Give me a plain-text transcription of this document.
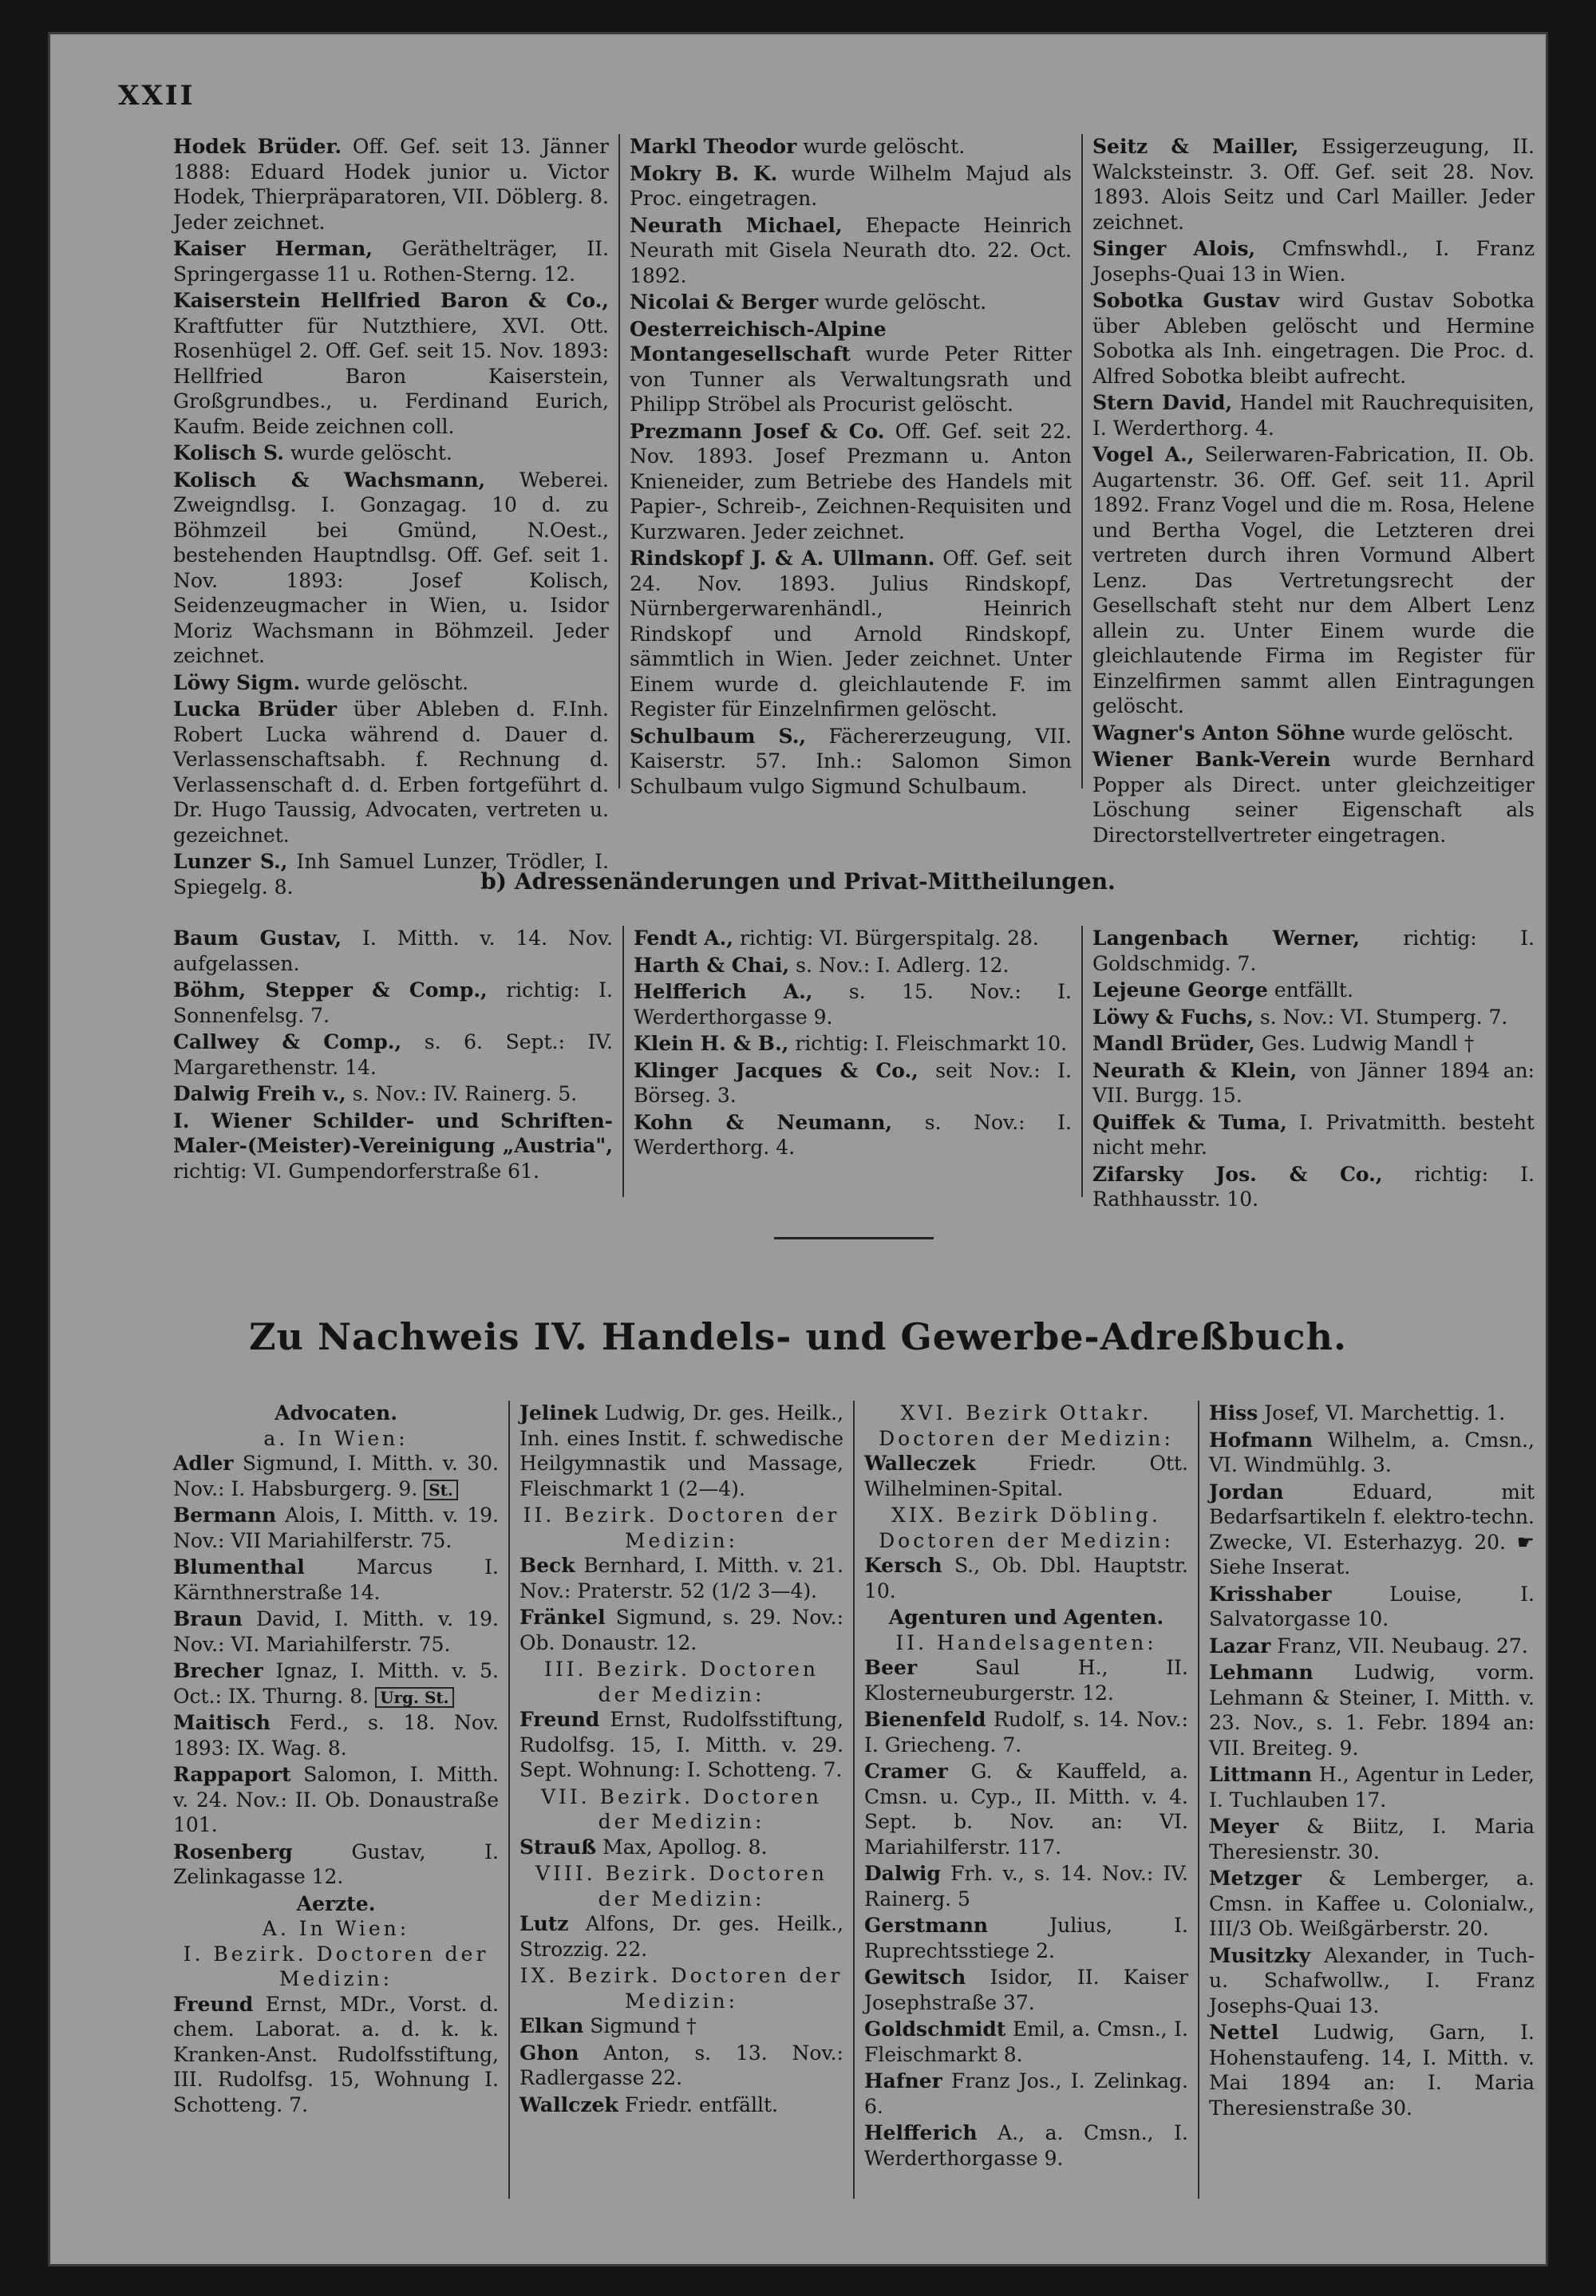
XXII
Hodek Brüder. Off. Gef. seit 13. Jänner 1888: Eduard Hodek junior u. Victor Hodek, Thierpräparatoren, VII. Döblerg. 8. Jeder zeichnet.
Kaiser Herman, Geräthelträger, II. Springergasse 11 u. Rothen-Sterng. 12.
Kaiserstein Hellfried Baron & Co., Kraftfutter für Nutzthiere, XVI. Ott. Rosenhügel 2. Off. Gef. seit 15. Nov. 1893: Hellfried Baron Kaiserstein, Großgrundbes., u. Ferdinand Eurich, Kaufm. Beide zeichnen coll.
Kolisch S. wurde gelöscht.
Kolisch & Wachsmann, Weberei. Zweigndlsg. I. Gonzagag. 10 d. zu Böhmzeil bei Gmünd, N.Oest., bestehenden Hauptndlsg. Off. Gef. seit 1. Nov. 1893: Josef Kolisch, Seidenzeugmacher in Wien, u. Isidor Moriz Wachsmann in Böhmzeil. Jeder zeichnet.
Löwy Sigm. wurde gelöscht.
Lucka Brüder über Ableben d. F.Inh. Robert Lucka während d. Dauer d. Verlassenschaftsabh. f. Rechnung d. Verlassenschaft d. d. Erben fortgeführt d. Dr. Hugo Taussig, Advocaten, vertreten u. gezeichnet.
Lunzer S., Inh Samuel Lunzer, Trödler, I. Spiegelg. 8.
Markl Theodor wurde gelöscht.
Mokry B. K. wurde Wilhelm Majud als Proc. eingetragen.
Neurath Michael, Ehepacte Heinrich Neurath mit Gisela Neurath dto. 22. Oct. 1892.
Nicolai & Berger wurde gelöscht.
Oesterreichisch-Alpine Montangesellschaft wurde Peter Ritter von Tunner als Verwaltungsrath und Philipp Ströbel als Procurist gelöscht.
Prezmann Josef & Co. Off. Gef. seit 22. Nov. 1893. Josef Prezmann u. Anton Knieneider, zum Betriebe des Handels mit Papier-, Schreib-, Zeichnen-Requisiten und Kurzwaren. Jeder zeichnet.
Rindskopf J. & A. Ullmann. Off. Gef. seit 24. Nov. 1893. Julius Rindskopf, Nürnbergerwarenhändl., Heinrich Rindskopf und Arnold Rindskopf, sämmtlich in Wien. Jeder zeichnet. Unter Einem wurde d. gleichlautende F. im Register für Einzelnfirmen gelöscht.
Schulbaum S., Fächererzeugung, VII. Kaiserstr. 57. Inh.: Salomon Simon Schulbaum vulgo Sigmund Schulbaum.
Seitz & Mailler, Essigerzeugung, II. Walcksteinstr. 3. Off. Gef. seit 28. Nov. 1893. Alois Seitz und Carl Mailler. Jeder zeichnet.
Singer Alois, Cmfnswhdl., I. Franz Josephs-Quai 13 in Wien.
Sobotka Gustav wird Gustav Sobotka über Ableben gelöscht und Hermine Sobotka als Inh. eingetragen. Die Proc. d. Alfred Sobotka bleibt aufrecht.
Stern David, Handel mit Rauchrequisiten, I. Werderthorg. 4.
Vogel A., Seilerwaren-Fabrication, II. Ob. Augartenstr. 36. Off. Gef. seit 11. April 1892. Franz Vogel und die m. Rosa, Helene und Bertha Vogel, die Letzteren drei vertreten durch ihren Vormund Albert Lenz. Das Vertretungsrecht der Gesellschaft steht nur dem Albert Lenz allein zu. Unter Einem wurde die gleichlautende Firma im Register für Einzelfirmen sammt allen Eintragungen gelöscht.
Wagner's Anton Söhne wurde gelöscht.
Wiener Bank-Verein wurde Bernhard Popper als Direct. unter gleichzeitiger Löschung seiner Eigenschaft als Directorstellvertreter eingetragen.
b) Adressenänderungen und Privat-Mittheilungen.
Baum Gustav, I. Mitth. v. 14. Nov. aufgelassen.
Böhm, Stepper & Comp., richtig: I. Sonnenfelsg. 7.
Callwey & Comp., s. 6. Sept.: IV. Margarethenstr. 14.
Dalwig Freih v., s. Nov.: IV. Rainerg. 5.
I. Wiener Schilder- und Schriften-Maler-(Meister)-Vereinigung „Austria", richtig: VI. Gumpendorferstraße 61.
Fendt A., richtig: VI. Bürgerspitalg. 28.
Harth & Chai, s. Nov.: I. Adlerg. 12.
Helfferich A., s. 15. Nov.: I. Werderthorgasse 9.
Klein H. & B., richtig: I. Fleischmarkt 10.
Klinger Jacques & Co., seit Nov.: I. Börseg. 3.
Kohn & Neumann, s. Nov.: I. Werderthorg. 4.
Langenbach Werner, richtig: I. Goldschmidg. 7.
Lejeune George entfällt.
Löwy & Fuchs, s. Nov.: VI. Stumperg. 7.
Mandl Brüder, Ges. Ludwig Mandl †
Neurath & Klein, von Jänner 1894 an: VII. Burgg. 15.
Quiffek & Tuma, I. Privatmitth. besteht nicht mehr.
Zifarsky Jos. & Co., richtig: I. Rathhausstr. 10.
Zu Nachweis IV. Handels- und Gewerbe-Adreßbuch.
Advocaten.
a. In Wien:
Adler Sigmund, I. Mitth. v. 30. Nov.: I. Habsburgerg. 9. St.
Bermann Alois, I. Mitth. v. 19. Nov.: VII Mariahilferstr. 75.
Blumenthal	Marcus I. Kärnthnerstraße 14.
Braun David, I. Mitth. v. 19. Nov.: VI. Mariahilferstr. 75.
Brecher Ignaz, I. Mitth. v. 5. Oct.: IX. Thurng. 8. Urg. St.
Maitisch Ferd., s. 18. Nov. 1893: IX. Wag. 8.
Rappaport Salomon, I. Mitth. v. 24. Nov.: II. Ob. Donaustraße 101.
Rosenberg	Gustav, I. Zelinkagasse 12.
Aerzte.
A. In Wien:
I. Bezirk. Doctoren der Medizin:
Freund Ernst, MDr., Vorst. d. chem. Laborat. a. d. k. k. Kranken-Anst. Rudolfsstiftung, III. Rudolfsg. 15, Wohnung I. Schotteng. 7.
Jelinek Ludwig, Dr. ges. Heilk., Inh. eines Instit. f. schwedische Heilgymnastik und Massage, Fleischmarkt 1 (2—4).
II. Bezirk. Doctoren der Medizin:
Beck Bernhard, I. Mitth. v. 21. Nov.: Praterstr. 52 (1/2 3—4).
Fränkel Sigmund, s. 29. Nov.: Ob. Donaustr. 12.
III. Bezirk. Doctoren der Medizin:
Freund Ernst, Rudolfsstiftung, Rudolfsg. 15, I. Mitth. v. 29. Sept. Wohnung: I. Schotteng. 7.
VII. Bezirk. Doctoren der Medizin:
Strauß Max, Apollog. 8.
VIII. Bezirk. Doctoren der Medizin:
Lutz Alfons, Dr. ges. Heilk., Strozzig. 22.
IX. Bezirk. Doctoren der Medizin:
Elkan Sigmund †
Ghon Anton, s. 13. Nov.: Radlergasse 22.
Wallczek Friedr. entfällt.
XVI. Bezirk Ottakr. Doctoren der Medizin:
Walleczek	Friedr. Ott. Wilhelminen-Spital.
XIX. Bezirk Döbling. Doctoren der Medizin:
Kersch S., Ob. Dbl. Hauptstr. 10.
Agenturen und Agenten.
II. Handelsagenten:
Beer	Saul H., II. Klosterneuburgerstr. 12.
Bienenfeld Rudolf, s. 14. Nov.: I. Griecheng. 7.
Cramer G. & Kauffeld, a. Cmsn. u. Cyp., II. Mitth. v. 4. Sept. b. Nov. an: VI. Mariahilferstr. 117.
Dalwig Frh. v., s. 14. Nov.: IV. Rainerg. 5
Gerstmann	Julius, I. Ruprechtsstiege 2.
Gewitsch Isidor, II. Kaiser Josephstraße 37.
Goldschmidt Emil, a. Cmsn., I. Fleischmarkt 8.
Hafner Franz Jos., I. Zelinkag. 6.
Helfferich A., a. Cmsn., I. Werderthorgasse 9.
Hiss Josef, VI. Marchettig. 1.
Hofmann Wilhelm, a. Cmsn., VI. Windmühlg. 3.
Jordan	Eduard, mit Bedarfsartikeln f. elektro-techn. Zwecke, VI. Esterhazyg. 20. ☛ Siehe Inserat.
Krisshaber	Louise, I. Salvatorgasse 10.
Lazar Franz, VII. Neubaug. 27.
Lehmann Ludwig, vorm. Lehmann & Steiner, I. Mitth. v. 23. Nov., s. 1. Febr. 1894 an: VII. Breiteg. 9.
Littmann H., Agentur in Leder, I. Tuchlauben 17.
Meyer & Biitz, I. Maria Theresienstr. 30.
Metzger & Lemberger, a. Cmsn. in Kaffee u. Colonialw., III/3 Ob. Weißgärberstr. 20.
Musitzky Alexander, in Tuch- u. Schafwollw., I. Franz Josephs-Quai 13.
Nettel Ludwig, Garn, I. Hohenstaufeng. 14, I. Mitth. v. Mai 1894 an: I. Maria Theresienstraße 30.
